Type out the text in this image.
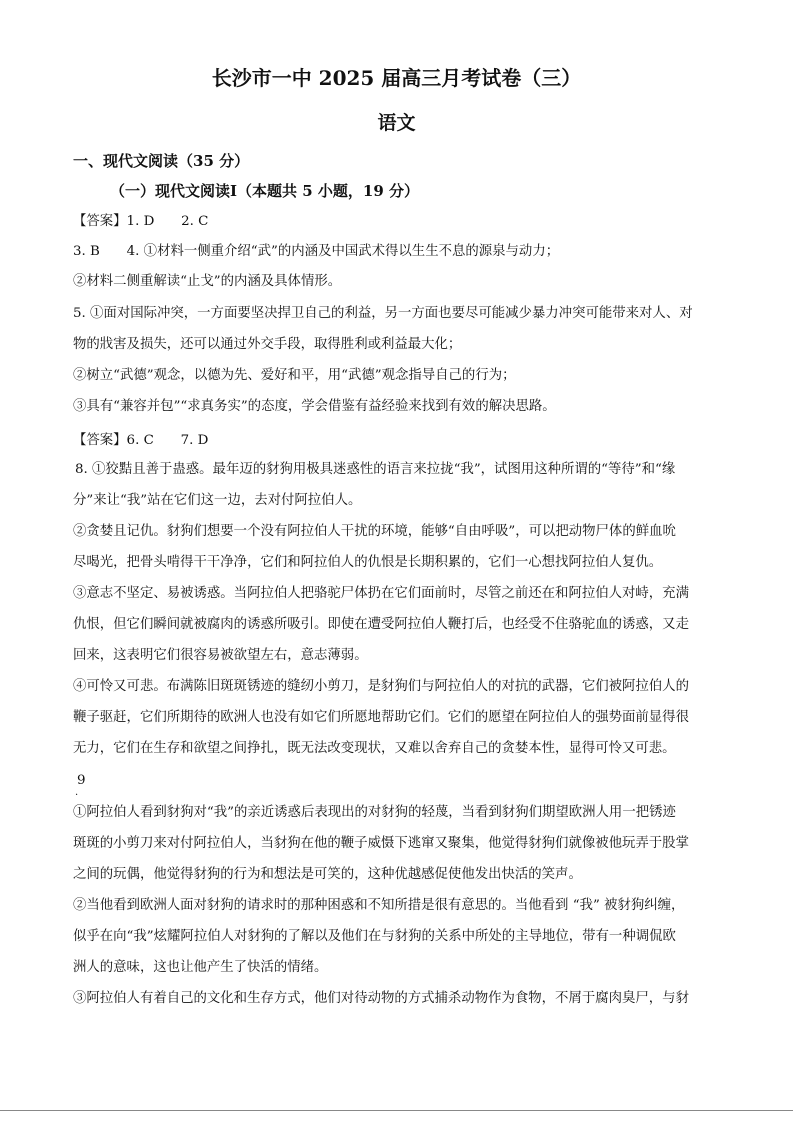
长沙市一中 2025 届高三月考试卷（三）
语文
一、现代文阅读（35 分）
（一）现代文阅读Ⅰ（本题共 5 小题，19 分）
【答案】1. D　　2. C
3. B　　4. ①材料一侧重介绍“武”的内涵及中国武术得以生生不息的源泉与动力；
②材料二侧重解读“止戈”的内涵及具体情形。
5. ①面对国际冲突，一方面要坚决捍卫自己的利益，另一方面也要尽可能减少暴力冲突可能带来对人、对
物的戕害及损失，还可以通过外交手段，取得胜利或利益最大化；
②树立“武德”观念，以德为先、爱好和平，用“武德”观念指导自己的行为；
③具有“兼容并包”“求真务实”的态度，学会借鉴有益经验来找到有效的解决思路。
【答案】6. C　　7. D
8. ①狡黠且善于蛊惑。最年迈的豺狗用极具迷惑性的语言来拉拢“我”，试图用这种所谓的“等待”和“缘
分”来让“我”站在它们这一边，去对付阿拉伯人。
②贪婪且记仇。豺狗们想要一个没有阿拉伯人干扰的环境，能够“自由呼吸”，可以把动物尸体的鲜血吮
尽喝光，把骨头啃得干干净净，它们和阿拉伯人的仇恨是长期积累的，它们一心想找阿拉伯人复仇。
③意志不坚定、易被诱惑。当阿拉伯人把骆驼尸体扔在它们面前时，尽管之前还在和阿拉伯人对峙，充满
仇恨，但它们瞬间就被腐肉的诱惑所吸引。即使在遭受阿拉伯人鞭打后，也经受不住骆驼血的诱惑，又走
回来，这表明它们很容易被欲望左右，意志薄弱。
④可怜又可悲。布满陈旧斑斑锈迹的缝纫小剪刀，是豺狗们与阿拉伯人的对抗的武器，它们被阿拉伯人的
鞭子驱赶，它们所期待的欧洲人也没有如它们所愿地帮助它们。它们的愿望在阿拉伯人的强势面前显得很
无力，它们在生存和欲望之间挣扎，既无法改变现状，又难以舍弃自己的贪婪本性，显得可怜又可悲。
9
.
①阿拉伯人看到豺狗对“我”的亲近诱惑后表现出的对豺狗的轻蔑，当看到豺狗们期望欧洲人用一把锈迹
斑斑的小剪刀来对付阿拉伯人，当豺狗在他的鞭子威慑下逃窜又聚集，他觉得豺狗们就像被他玩弄于股掌
之间的玩偶，他觉得豺狗的行为和想法是可笑的，这种优越感促使他发出快活的笑声。
②当他看到欧洲人面对豺狗的请求时的那种困惑和不知所措是很有意思的。当他看到 “我” 被豺狗纠缠，
似乎在向“我”炫耀阿拉伯人对豺狗的了解以及他们在与豺狗的关系中所处的主导地位，带有一种调侃欧
洲人的意味，这也让他产生了快活的情绪。
③阿拉伯人有着自己的文化和生存方式，他们对待动物的方式捕杀动物作为食物，不屑于腐肉臭尸，与豺
